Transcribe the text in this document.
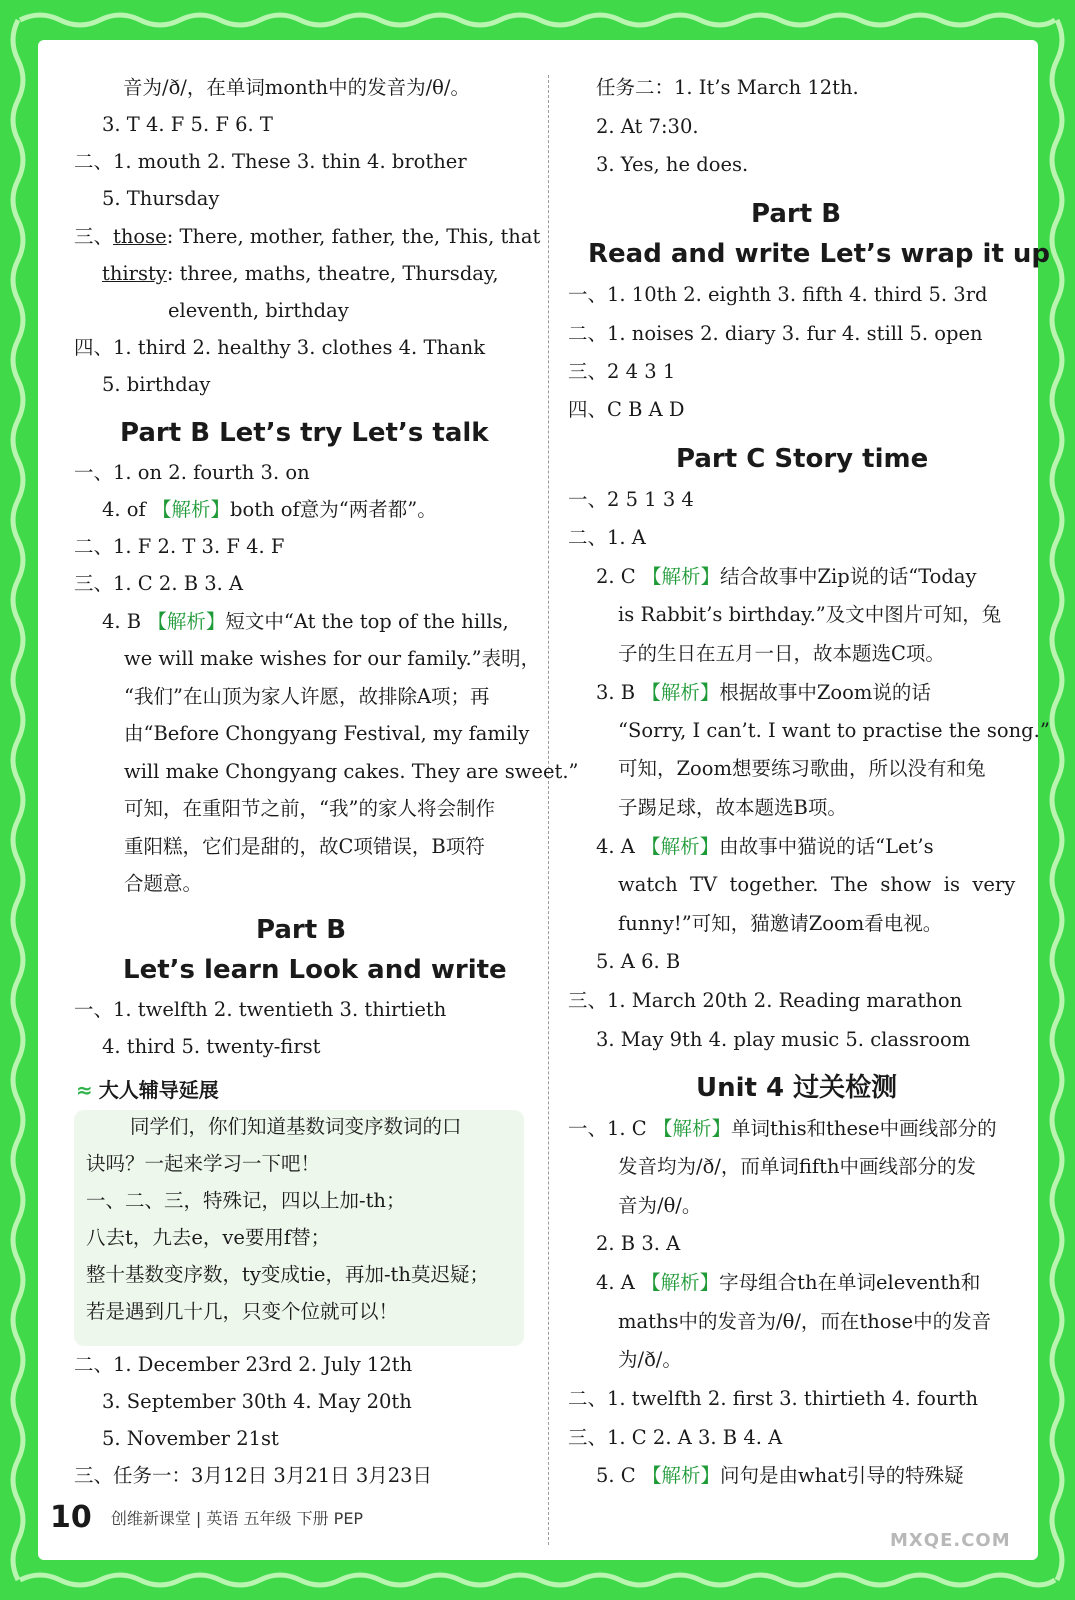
音为/ð/，在单词month中的发音为/θ/。
3. T 4. F 5. F 6. T
二、1. mouth 2. These 3. thin 4. brother
5. Thursday
三、those: There, mother, father, the, This, that
thirsty: three, maths, theatre, Thursday,
eleventh, birthday
四、1. third 2. healthy 3. clothes 4. Thank
5. birthday
Part B Let’s try Let’s talk
一、1. on 2. fourth 3. on
4. of 【解析】both of意为“两者都”。
二、1. F 2. T 3. F 4. F
三、1. C 2. B 3. A
4. B 【解析】短文中“At the top of the hills,
we will make wishes for our family.”表明，
“我们”在山顶为家人许愿，故排除A项；再
由“Before Chongyang Festival, my family
will make Chongyang cakes. They are sweet.”
可知，在重阳节之前，“我”的家人将会制作
重阳糕，它们是甜的，故C项错误，B项符
合题意。
Part B
Let’s learn Look and write
一、1. twelfth 2. twentieth 3. thirtieth
4. third 5. twenty-first
≈ 大人辅导延展
同学们，你们知道基数词变序数词的口
诀吗？一起来学习一下吧！
一、二、三，特殊记，四以上加-th；
八去t，九去e，ve要用f替；
整十基数变序数，ty变成tie，再加-th莫迟疑；
若是遇到几十几，只变个位就可以！
二、1. December 23rd 2. July 12th
3. September 30th 4. May 20th
5. November 21st
三、任务一：3月12日 3月21日 3月23日
任务二：1. It’s March 12th.
2. At 7:30.
3. Yes, he does.
Part B
Read and write Let’s wrap it up
一、1. 10th 2. eighth 3. fifth 4. third 5. 3rd
二、1. noises 2. diary 3. fur 4. still 5. open
三、2 4 3 1
四、C B A D
Part C Story time
一、2 5 1 3 4
二、1. A
2. C 【解析】结合故事中Zip说的话“Today
is Rabbit’s birthday.”及文中图片可知，兔
子的生日在五月一日，故本题选C项。
3. B 【解析】根据故事中Zoom说的话
“Sorry, I can’t. I want to practise the song.”
可知，Zoom想要练习歌曲，所以没有和兔
子踢足球，故本题选B项。
4. A 【解析】由故事中猫说的话“Let’s
watch  TV  together.  The  show  is  very
funny!”可知，猫邀请Zoom看电视。
5. A 6. B
三、1. March 20th 2. Reading marathon
3. May 9th 4. play music 5. classroom
Unit 4 过关检测
一、1. C 【解析】单词this和these中画线部分的
发音均为/ð/，而单词fifth中画线部分的发
音为/θ/。
2. B 3. A
4. A 【解析】字母组合th在单词eleventh和
maths中的发音为/θ/，而在those中的发音
为/ð/。
二、1. twelfth 2. first 3. thirtieth 4. fourth
三、1. C 2. A 3. B 4. A
5. C 【解析】问句是由what引导的特殊疑
10 创维新课堂 | 英语 五年级 下册 PEP
MXQE.COM
